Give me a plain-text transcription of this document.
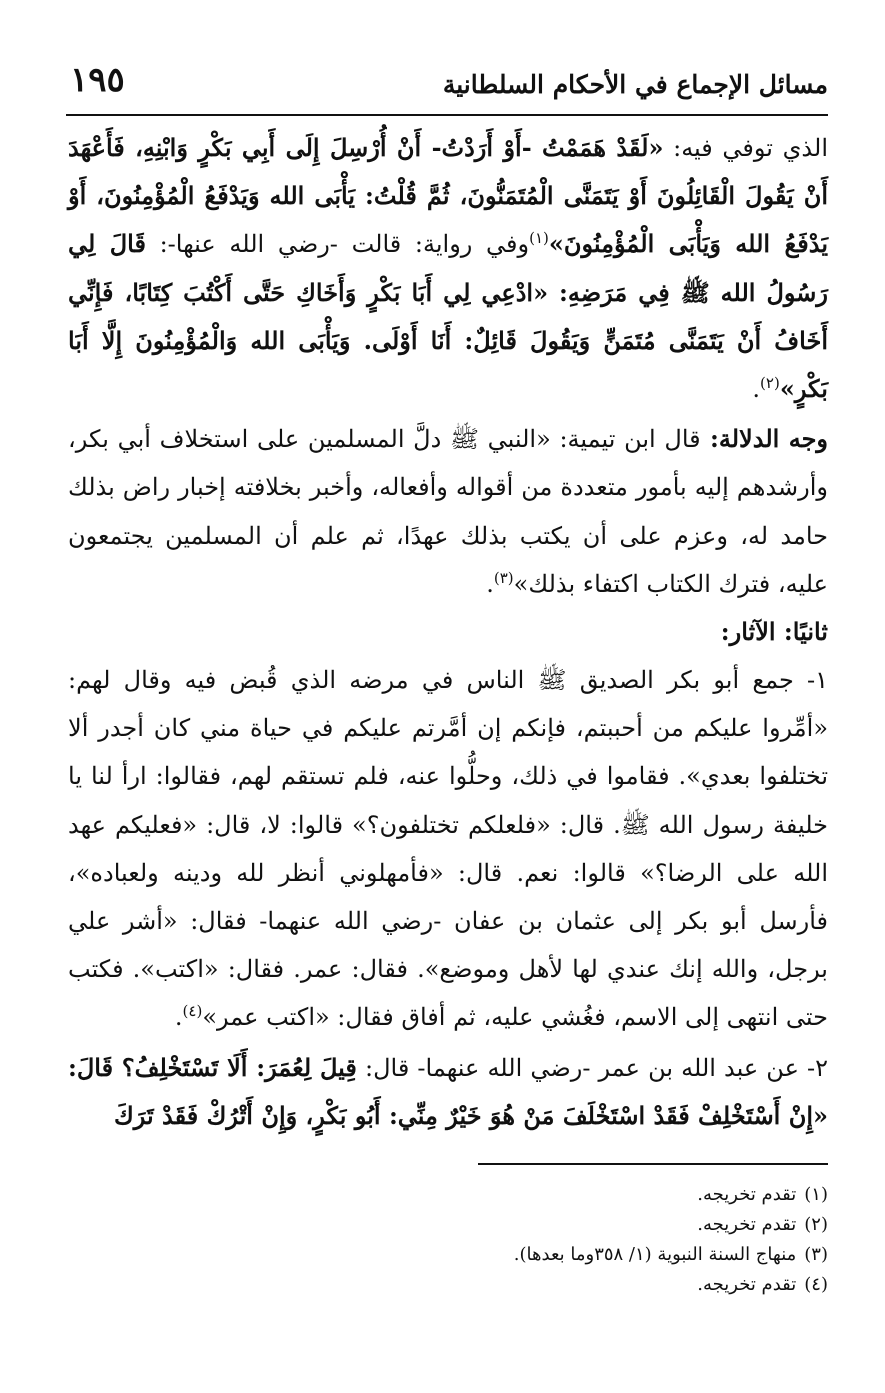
مسائل الإجماع في الأحكام السلطانية
١٩٥

الذي توفي فيه: «لَقَدْ هَمَمْتُ -أَوْ أَرَدْتُ- أَنْ أُرْسِلَ إِلَى أَبِي بَكْرٍ وَابْنِهِ، فَأَعْهَدَ أَنْ يَقُولَ الْقَائِلُونَ أَوْ يَتَمَنَّى الْمُتَمَنُّونَ، ثُمَّ قُلْتُ: يَأْبَى الله وَيَدْفَعُ الْمُؤْمِنُونَ، أَوْ يَدْفَعُ الله وَيَأْبَى الْمُؤْمِنُونَ»$^{(١)}$وفي رواية: قالت -رضي الله عنها-: قَالَ لِي رَسُولُ الله ﷺ فِي مَرَضِهِ: «ادْعِي لِي أَبَا بَكْرٍ وَأَخَاكِ حَتَّى أَكْتُبَ كِتَابًا، فَإِنِّي أَخَافُ أَنْ يَتَمَنَّى مُتَمَنٍّ وَيَقُولَ قَائِلٌ: أَنَا أَوْلَى. وَيَأْبَى الله وَالْمُؤْمِنُونَ إِلَّا أَبَا بَكْرٍ»$^{(٢)}$.

وجه الدلالة: قال ابن تيمية: «النبي ﷺ دلَّ المسلمين على استخلاف أبي بكر، وأرشدهم إليه بأمور متعددة من أقواله وأفعاله، وأخبر بخلافته إخبار راض بذلك حامد له، وعزم على أن يكتب بذلك عهدًا، ثم علم أن المسلمين يجتمعون عليه، فترك الكتاب اكتفاء بذلك»$^{(٣)}$.

ثانيًا: الآثار:

١- جمع أبو بكر الصديق ﷺ الناس في مرضه الذي قُبض فيه وقال لهم: «أمِّروا عليكم من أحببتم، فإنكم إن أمَّرتم عليكم في حياة مني كان أجدر ألا تختلفوا بعدي». فقاموا في ذلك، وحلُّوا عنه، فلم تستقم لهم، فقالوا: ارأ لنا يا خليفة رسول الله ﷺ. قال: «فلعلكم تختلفون؟» قالوا: لا، قال: «فعليكم عهد الله على الرضا؟» قالوا: نعم. قال: «فأمهلوني أنظر لله ودينه ولعباده»، فأرسل أبو بكر إلى عثمان بن عفان -رضي الله عنهما- فقال: «أشر علي برجل، والله إنك عندي لها لأهل وموضع». فقال: عمر. فقال: «اكتب». فكتب حتى انتهى إلى الاسم، فغُشي عليه، ثم أفاق فقال: «اكتب عمر»$^{(٤)}$.

٢- عن عبد الله بن عمر -رضي الله عنهما- قال: قِيلَ لِعُمَرَ: أَلَا تَسْتَخْلِفُ؟ قَالَ: «إِنْ أَسْتَخْلِفْ فَقَدْ اسْتَخْلَفَ مَنْ هُوَ خَيْرٌ مِنِّي: أَبُو بَكْرٍ، وَإِنْ أَتْرُكْ فَقَدْ تَرَكَ

(١)تقدم تخريجه.
(٢)تقدم تخريجه.
(٣)منهاج السنة النبوية (١/ ٣٥٨وما بعدها).
(٤)تقدم تخريجه.
